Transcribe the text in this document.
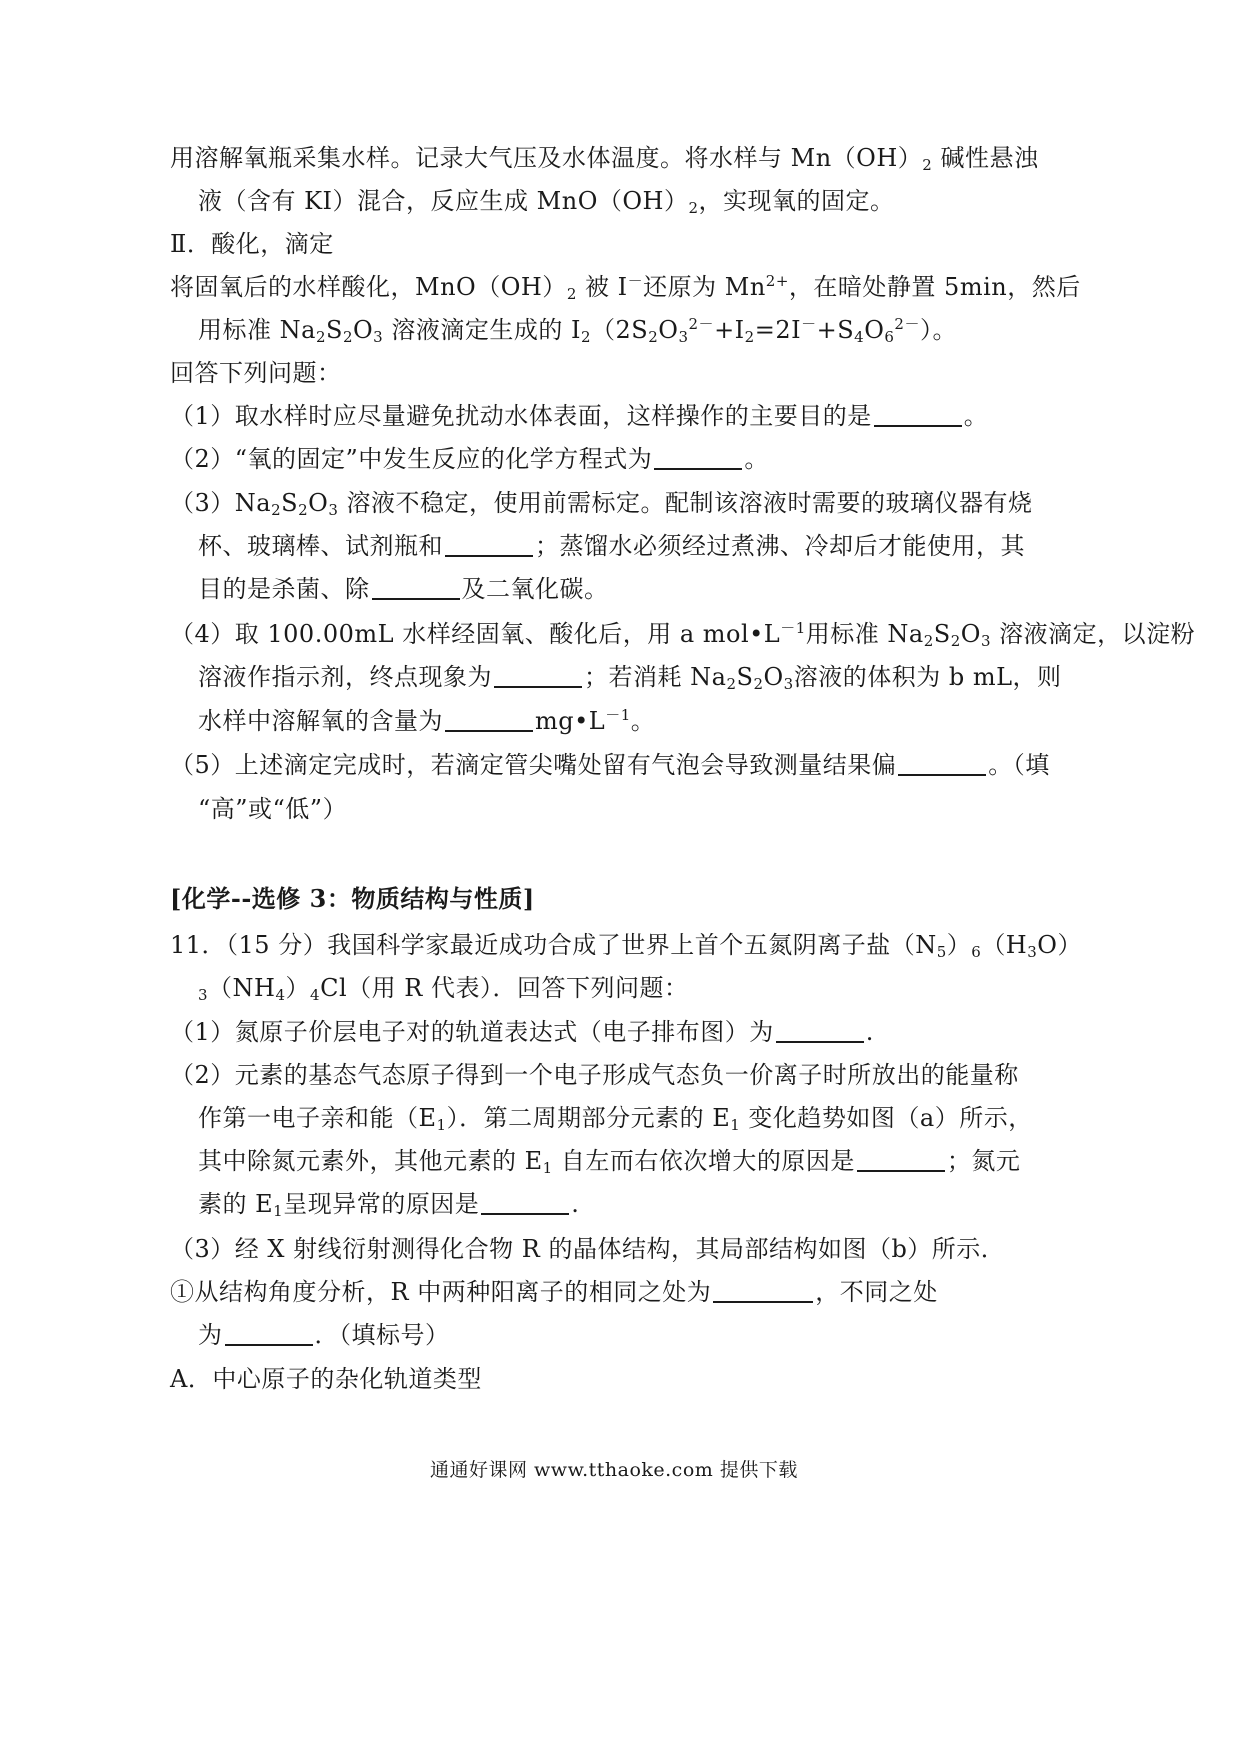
用溶解氧瓶采集水样。记录大气压及水体温度。将水样与 $Mn(OH)_2$ 碱性悬浊
液（含有 KI）混合，反应生成 $MnO(OH)_2$，实现氧的固定。
Ⅱ．酸化，滴定
将固氧后的水样酸化，$MnO(OH)_2$ 被 I－还原为 $Mn^{2+}$，在暗处静置 5min，然后
用标准 $Na_2S_2O_3$ 溶液滴定生成的 $I_2(2S_2O_3^{2-}+I_2=2I^-+S_4O_6^{2-})$。
回答下列问题：
（1）取水样时应尽量避免扰动水体表面，这样操作的主要目的是	。
（2）“氧的固定”中发生反应的化学方程式为	。
$(3)Na_2S_2O_3$ 溶液不稳定，使用前需标定。配制该溶液时需要的玻璃仪器有烧
杯、玻璃棒、试剂瓶和	；蒸馏水必须经过煮沸、冷却后才能使用，其
目的是杀菌、除	及二氧化碳。
（4）取 100.00mL 水样经固氧、酸化后，用 a $mol•L^{-1}$用标准 $Na_2S_2O_3$ 溶液滴定，以淀粉
溶液作指示剂，终点现象为	；若消耗 $Na_2S_2O_3$溶液的体积为 b mL，则
水样中溶解氧的含量为	$mg•L^{-1}$。
（5）上述滴定完成时，若滴定管尖嘴处留有气泡会导致测量结果偏	。（填
“高”或“低”）
[化学--选修 3：物质结构与性质]
11．（15 分）我国科学家最近成功合成了世界上首个五氮阴离子盐$(N_5)_6(H_3O)$
$_3(NH_4)_4Cl$（用 R 代表）．回答下列问题：
（1）氮原子价层电子对的轨道表达式（电子排布图）为	.
（2）元素的基态气态原子得到一个电子形成气态负一价离子时所放出的能量称
作第一电子亲和能$(E_1)$．第二周期部分元素的 $E_1$ 变化趋势如图（a）所示，
其中除氮元素外，其他元素的 $E_1$ 自左而右依次增大的原因是	；氮元
素的 $E_1$呈现异常的原因是	.
（3）经 X 射线衍射测得化合物 R 的晶体结构，其局部结构如图（b）所示．
①从结构角度分析，R 中两种阳离子的相同之处为	，不同之处
为	．（填标号）
A．中心原子的杂化轨道类型
通通好课网 www.tthaoke.com 提供下载
